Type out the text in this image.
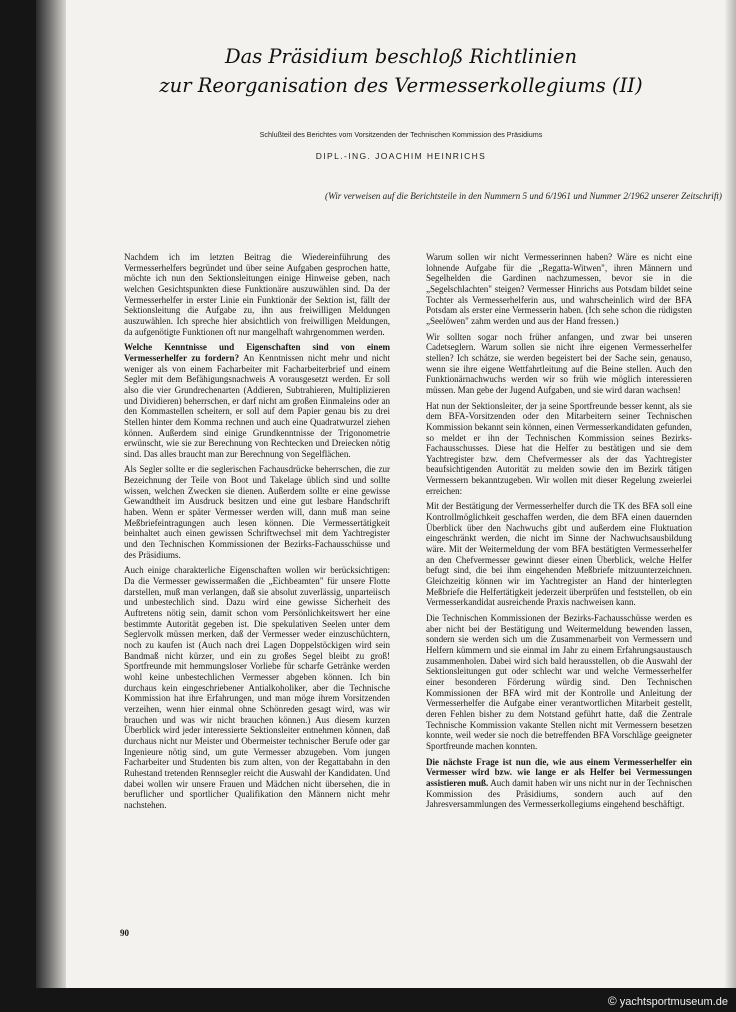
Das Präsidium beschloß Richtlinien
zur Reorganisation des Vermesserkollegiums (II)
Schlußteil des Berichtes vom Vorsitzenden der Technischen Kommission des Präsidiums
DIPL.-ING. JOACHIM HEINRICHS
(Wir verweisen auf die Berichtsteile in den Nummern 5 und 6/1961 und Nummer 2/1962 unserer Zeitschrift)

Nachdem ich im letzten Beitrag die Wiedereinführung des Vermesserhelfers begründet und über seine Aufgaben gesprochen hatte, möchte ich nun den Sektionsleitungen einige Hinweise geben, nach welchen Gesichtspunkten diese Funktionäre auszuwählen sind. Da der Vermesserhelfer in erster Linie ein Funktionär der Sektion ist, fällt der Sektionsleitung die Aufgabe zu, ihn aus freiwilligen Meldungen auszuwählen. Ich spreche hier absichtlich von freiwilligen Meldungen, da aufgenötigte Funktionen oft nur mangelhaft wahrgenommen werden.

Welche Kenntnisse und Eigenschaften sind von einem Vermesserhelfer zu fordern? An Kenntnissen nicht mehr und nicht weniger als von einem Facharbeiter mit Facharbeiterbrief und einem Segler mit dem Befähigungsnachweis A vorausgesetzt werden. Er soll also die vier Grundrechenarten (Addieren, Subtrahieren, Multiplizieren und Dividieren) beherrschen, er darf nicht am großen Einmaleins oder an den Kommastellen scheitern, er soll auf dem Papier genau bis zu drei Stellen hinter dem Komma rechnen und auch eine Quadratwurzel ziehen können. Außerdem sind einige Grundkenntnisse der Trigonometrie erwünscht, wie sie zur Berechnung von Rechtecken und Dreiecken nötig sind. Das alles braucht man zur Berechnung von Segelflächen.

Als Segler sollte er die seglerischen Fachausdrücke beherrschen, die zur Bezeichnung der Teile von Boot und Takelage üblich sind und sollte wissen, welchen Zwecken sie dienen. Außerdem sollte er eine gewisse Gewandtheit im Ausdruck besitzen und eine gut lesbare Handschrift haben. Wenn er später Vermesser werden will, dann muß man seine Meßbriefeintragungen auch lesen können. Die Vermessertätigkeit beinhaltet auch einen gewissen Schriftwechsel mit dem Yachtregister und den Technischen Kommissionen der Bezirks-Fachausschüsse und des Präsidiums.

Auch einige charakterliche Eigenschaften wollen wir berücksichtigen: Da die Vermesser gewissermaßen die „Eichbeamten" für unsere Flotte darstellen, muß man verlangen, daß sie absolut zuverlässig, unparteiisch und unbestechlich sind. Dazu wird eine gewisse Sicherheit des Auftretens nötig sein, damit schon vom Persönlichkeitswert her eine bestimmte Autorität gegeben ist. Die spekulativen Seelen unter dem Seglervolk müssen merken, daß der Vermesser weder einzuschüchtern, noch zu kaufen ist (Auch nach drei Lagen Doppelstöckigen wird sein Bandmaß nicht kürzer, und ein zu großes Segel bleibt zu groß! Sportfreunde mit hemmungsloser Vorliebe für scharfe Getränke werden wohl keine unbestechlichen Vermesser abgeben können. Ich bin durchaus kein eingeschriebener Antialkoholiker, aber die Technische Kommission hat ihre Erfahrungen, und man möge ihrem Vorsitzenden verzeihen, wenn hier einmal ohne Schönreden gesagt wird, was wir brauchen und was wir nicht brauchen können.) Aus diesem kurzen Überblick wird jeder interessierte Sektionsleiter entnehmen können, daß durchaus nicht nur Meister und Obermeister technischer Berufe oder gar Ingenieure nötig sind, um gute Vermesser abzugeben. Vom jungen Facharbeiter und Studenten bis zum alten, von der Regattabahn in den Ruhestand tretenden Rennsegler reicht die Auswahl der Kandidaten. Und dabei wollen wir unsere Frauen und Mädchen nicht übersehen, die in beruflicher und sportlicher Qualifikation den Männern nicht mehr nachstehen.

Warum sollen wir nicht Vermesserinnen haben? Wäre es nicht eine lohnende Aufgabe für die „Regatta-Witwen", ihren Männern und Segelhelden die Gardinen nachzumessen, bevor sie in die „Segelschlachten" steigen? Vermesser Hinrichs aus Potsdam bildet seine Tochter als Vermesserhelferin aus, und wahrscheinlich wird der BFA Potsdam als erster eine Vermesserin haben. (Ich sehe schon die rüdigsten „Seelöwen" zahm werden und aus der Hand fressen.)

Wir sollten sogar noch früher anfangen, und zwar bei unseren Cadetseglern. Warum sollen sie nicht ihre eigenen Vermesserhelfer stellen? Ich schätze, sie werden begeistert bei der Sache sein, genauso, wenn sie ihre eigene Wettfahrtleitung auf die Beine stellen. Auch den Funktionärnachwuchs werden wir so früh wie möglich interessieren müssen. Man gebe der Jugend Aufgaben, und sie wird daran wachsen!

Hat nun der Sektionsleiter, der ja seine Sportfreunde besser kennt, als sie dem BFA-Vorsitzenden oder den Mitarbeitern seiner Technischen Kommission bekannt sein können, einen Vermesserkandidaten gefunden, so meldet er ihn der Technischen Kommission seines Bezirks-Fachausschusses. Diese hat die Helfer zu bestätigen und sie dem Yachtregister bzw. dem Chefvermesser als der das Yachtregister beaufsichtigenden Autorität zu melden sowie den im Bezirk tätigen Vermessern bekanntzugeben. Wir wollen mit dieser Regelung zweierlei erreichen:

Mit der Bestätigung der Vermesserhelfer durch die TK des BFA soll eine Kontrollmöglichkeit geschaffen werden, die dem BFA einen dauernden Überblick über den Nachwuchs gibt und außerdem eine Fluktuation eingeschränkt werden, die nicht im Sinne der Nachwuchsausbildung wäre. Mit der Weitermeldung der vom BFA bestätigten Vermesserhelfer an den Chefvermesser gewinnt dieser einen Überblick, welche Helfer befugt sind, die bei ihm eingehenden Meßbriefe mitzuunterzeichnen. Gleichzeitig können wir im Yachtregister an Hand der hinterlegten Meßbriefe die Helfertätigkeit jederzeit überprüfen und feststellen, ob ein Vermesserkandidat ausreichende Praxis nachweisen kann.

Die Technischen Kommissionen der Bezirks-Fachausschüsse werden es aber nicht bei der Bestätigung und Weitermeldung bewenden lassen, sondern sie werden sich um die Zusammenarbeit von Vermessern und Helfern kümmern und sie einmal im Jahr zu einem Erfahrungsaustausch zusammenholen. Dabei wird sich bald herausstellen, ob die Auswahl der Sektionsleitungen gut oder schlecht war und welche Vermesserhelfer einer besonderen Förderung würdig sind. Den Technischen Kommissionen der BFA wird mit der Kontrolle und Anleitung der Vermesserhelfer die Aufgabe einer verantwortlichen Mitarbeit gestellt, deren Fehlen bisher zu dem Notstand geführt hatte, daß die Zentrale Technische Kommission vakante Stellen nicht mit Vermessern besetzen konnte, weil weder sie noch die betreffenden BFA Vorschläge geeigneter Sportfreunde machen konnten.

Die nächste Frage ist nun die, wie aus einem Vermesserhelfer ein Vermesser wird bzw. wie lange er als Helfer bei Vermessungen assistieren muß. Auch damit haben wir uns nicht nur in der Technischen Kommission des Präsidiums, sondern auch auf den Jahresversammlungen des Vermesserkollegiums eingehend beschäftigt.

90
© yachtsportmuseum.de
